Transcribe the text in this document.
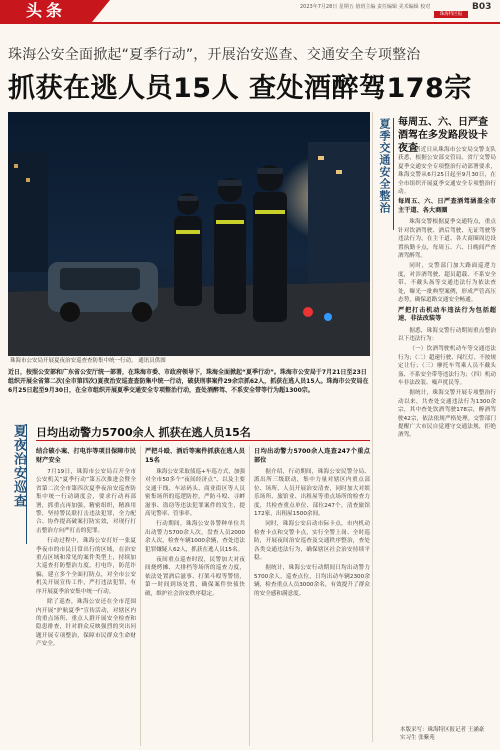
头条	2023年7月28日 星期五 值班主编 责任编辑 美术编辑 校对
珠海特区报
B03
珠海公安全面掀起“夏季行动”，开展治安巡查、交通安全专项整治
抓获在逃人员15人 查处酒醉驾178宗
珠海市公安局开展夏夜治安巡查查防集中统一行动。 通讯员供图
近日，按照公安部和广东省公安厅统一部署，在珠海市委、市政府领导下，珠海全面掀起“夏季行动”。珠海市公安局于7月21日至23日组织开展全省第二次(全市第四次)夏夜治安巡查查防集中统一行动，破获刑事案件29余宗抓62人，抓获在逃人员15人。珠海市公安局在6月25日起至9月30日，在全市组织开展夏季交通安全专项整治行动，查处酒醉驾、不系安全带等行为超1300宗。
夏夜治安巡查 日均出动警力5700余人 抓获在逃人员15名
结合破小案、打电诈等项目保障市民财产安全

7月19日，珠海市公安局召开全市公安机关“夏季行动”第五次推进会暨全省第二次全市第四次夏季夜治安巡查防集中统一行动调度会，要求行动再部署，抓重点再加强，精密组织，精准用警，坚持警民联打击违法犯罪，全力配合、协作提高破案打防实效，对现行打击整治方向严打击的犯罪。

行动过程中，珠海公安打好一张夏季夜市的市民日常出行的区域，在治安重点区域和常见的案件类型上，持续加大巡查打防整治力度，打电诈，防范诈骗，建立多个全面打防点，对全市公安机关开展宣传工作，严打违法犯罪，有序开展夏季治安集中统一行动。

除了巡查，珠海公安还在全市范围内开展“护航夏季”宣传活动，对辖区内的重点场所、重点人群开展安全检查和隐患排查，针对群众反映强烈的突出问题开展专项整治，保障市民群众生命财产安全。

严把斗殴、酒后等案件抓获在逃人员15名

珠海公安采取侦巡+车巡方式，加强对全市50多个“夜间经济点”、以及主要交通干线、车站码头、商业街区等人员密集场所的巡逻防控，严防斗殴、寻衅滋事、盗窃等违法犯罪案件的发生，提高见警率、管事率。

行动期间，珠海公安各警种单位共出动警力5700余人次，盘查人员2000余人次，检查车辆1000余辆，查处违法犯罪嫌疑人62人，抓获在逃人员15名。

夜间重点巡查时段，民警加大对夜间烧烤摊、大排档等场所的巡查力度，依法处置酒后滋事、打架斗殴等警情，第一时间到场处置，确保案件快侦快破，维护社会治安秩序稳定。

日均出动警力5700余人连查247个重点部位

据介绍，行动期间，珠海公安民警分局、派出所三级联动，集中力量对辖区内重点部位、场所、人员开展治安清查，同时加大对娱乐场所、旅馆业、出租屋等重点场所的检查力度，共检查重点单位、部位247个，清查旅馆172家，出租屋1500余间。

同时，珠海公安启动市际卡点，市内机动检查卡点和交警卡点，实行全警上岗、全时巡防，开展夜间治安巡查及交通秩序整治，查处各类交通违法行为，确保辖区社会治安持续平稳。

据统计，珠海公安行动期间日均出动警力5700余人，巡查点位，日均出动车辆2300余辆，检查重点人员3000余名，有效提升了群众的安全感和满意度。

夏季交通安全整治 每周五、六、日严查酒驾在多发路段设卡夜查

记者近日从珠海市公安局交警支队获悉，根据公安部交管局、省厅交警局夏季交通安全专项整治行动部署要求，珠海交警从6月25日起至9月30日，在全市组织开展夏季交通安全专项整治行动。

每周五、六、日严查酒驾涵盖全市主干道、各大商圈

珠海交警根据夏季交通特点，重点针对饮酒驾驶、酒后驾驶、无证驾驶等违法行为，在主干道、各大商圈周边设置执勤卡点，每周五、六、日晚间严查酒驾醉驾。

同时，交警部门加大路面巡逻力度，对涉酒驾驶、超员超载、不系安全带、不戴头盔等交通违法行为依法查处，曝光一批典型案例，形成严管高压态势，确保道路交通安全畅通。

严把打击机动车违法行为包括超速、非法改装等

据悉，珠海交警行动期间重点整治以下违法行为：

（一）饮酒驾驶机动车等交通违法行为；（二）超速行驶、闯红灯、不按规定让行；（三）摩托车驾乘人员不戴头盔、不系安全带等违法行为；（四）机动车非法改装、噪声扰民等。

据统计，珠海交警开展专项整治行动以来，共查处交通违法行为1300余宗，其中查处饮酒驾驶178宗，醉酒驾驶42宗，依法依规严格处理。交警部门提醒广大市民自觉遵守交通法规，拒绝酒驾。

本版采写：珠海特区报记者 王涵豪
实习生 张紫苑
